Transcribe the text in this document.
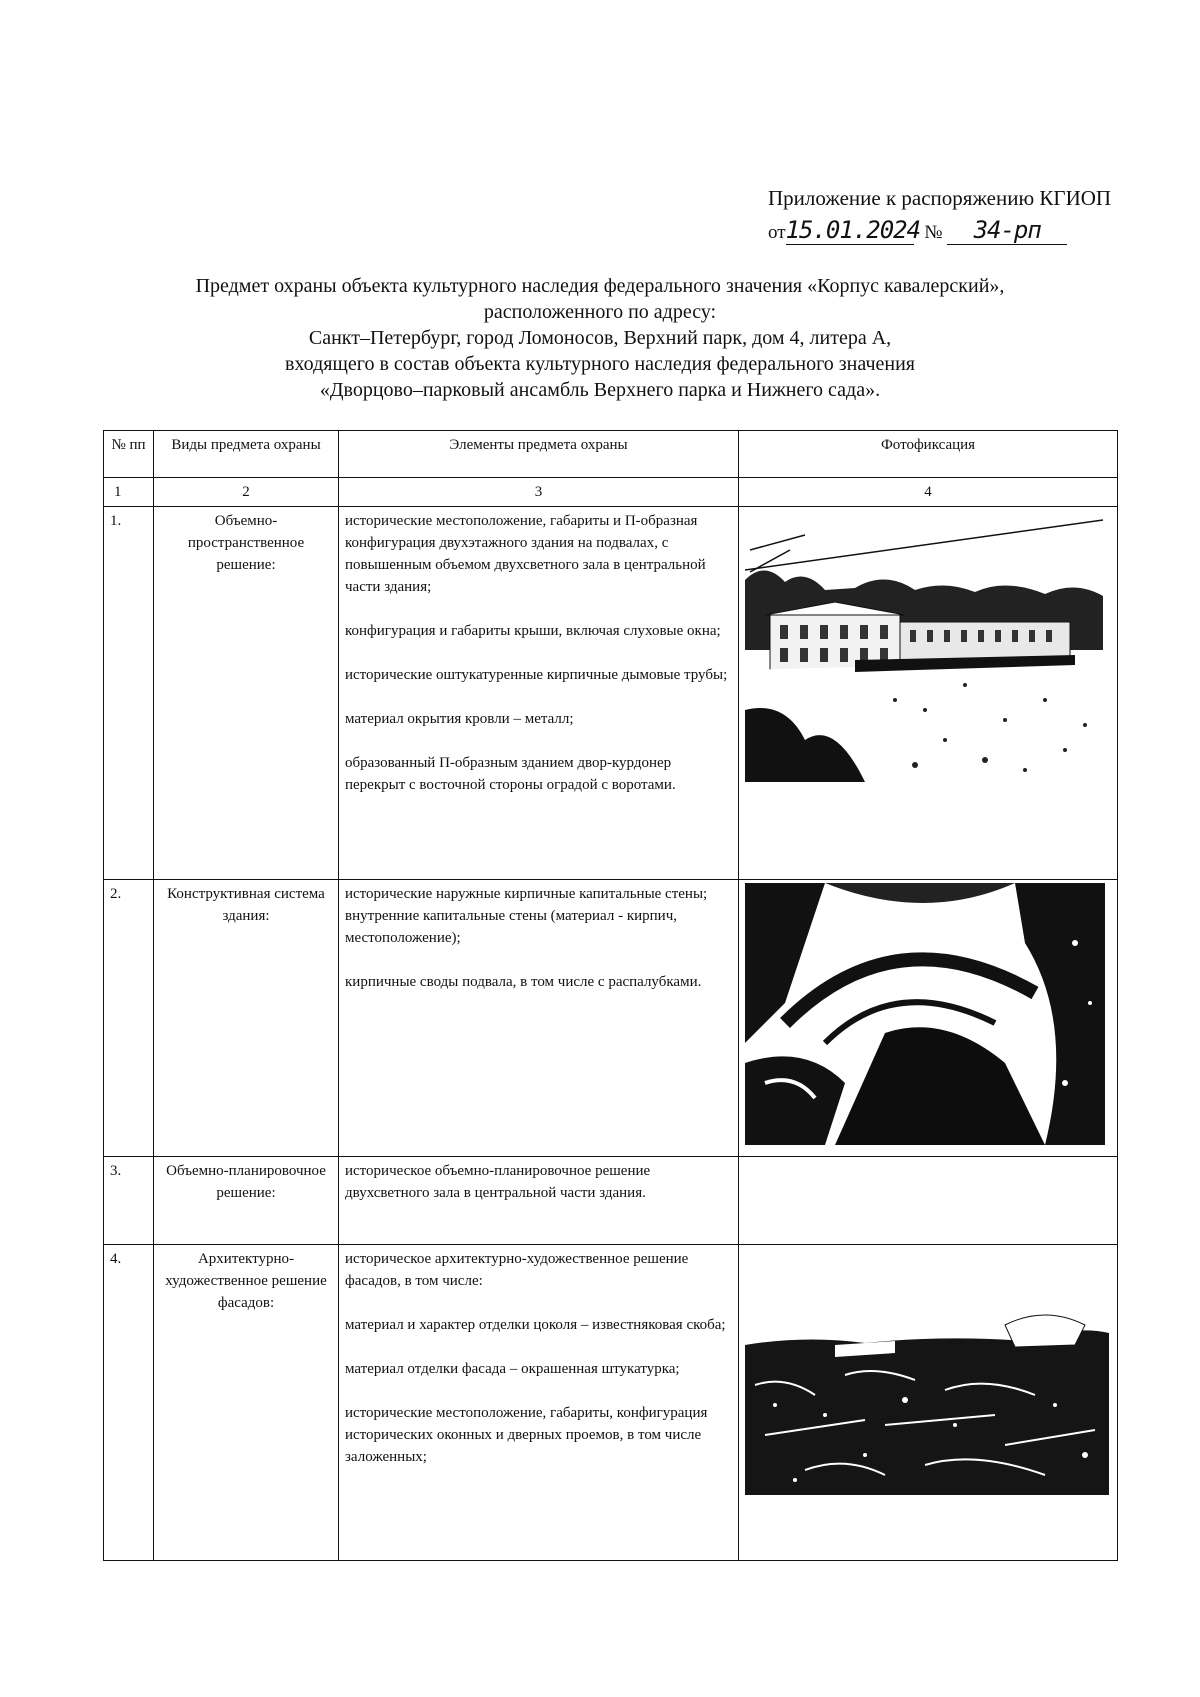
Приложение к распоряжению КГИОП
от15.01.2024 № 34-рп
Предмет охраны объекта культурного наследия федерального значения «Корпус кавалерский»,
расположенного по адресу:
Санкт–Петербург, город Ломоносов, Верхний парк, дом 4, литера А,
входящего в состав объекта культурного наследия федерального значения
«Дворцово–парковый ансамбль Верхнего парка и Нижнего сада».
№ пп	Виды предмета охраны	Элементы предмета охраны	Фотофиксация
1	2	3	4
1.	Объемно-пространственное решение:	исторические местоположение, габариты и П-образная конфигурация двухэтажного здания на подвалах, с повышенным объемом двухсветного зала в центральной части здания;

конфигурация и габариты крыши, включая слуховые окна;

исторические оштукатуренные кирпичные дымовые трубы;

материал окрытия кровли – металл;

образованный П-образным зданием двор-курдонер перекрыт с восточной стороны оградой с воротами.

2.	Конструктивная система здания:	исторические наружные кирпичные капитальные стены; внутренние капитальные стены (материал - кирпич, местоположение);

кирпичные своды подвала, в том числе с распалубками.

3.	Объемно-планировочное решение:	историческое объемно-планировочное решение двухсветного зала в центральной части здания.	

4.	Архитектурно-художественное решение фасадов:	историческое архитектурно-художественное решение фасадов, в том числе:

материал и характер отделки цоколя – известняковая скоба;

материал отделки фасада – окрашенная штукатурка;

исторические местоположение, габариты, конфигурация исторических оконных и дверных проемов, в том числе заложенных;
